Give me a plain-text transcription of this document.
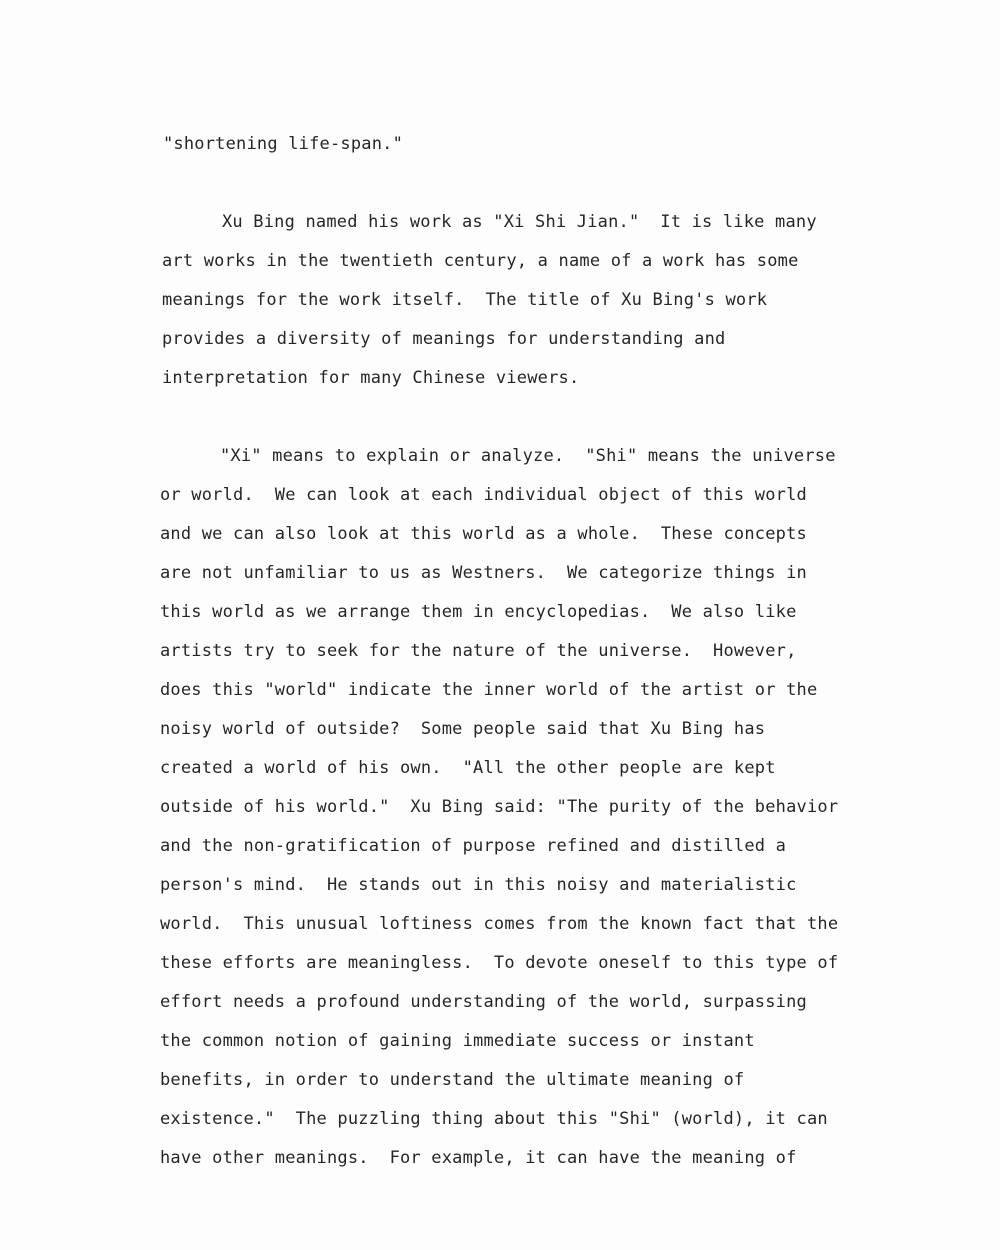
"shortening life-span."
Xu Bing named his work as "Xi Shi Jian."  It is like many
art works in the twentieth century, a name of a work has some
meanings for the work itself.  The title of Xu Bing's work
provides a diversity of meanings for understanding and
interpretation for many Chinese viewers.
"Xi" means to explain or analyze.  "Shi" means the universe
or world.  We can look at each individual object of this world
and we can also look at this world as a whole.  These concepts
are not unfamiliar to us as Westners.  We categorize things in
this world as we arrange them in encyclopedias.  We also like
artists try to seek for the nature of the universe.  However,
does this "world" indicate the inner world of the artist or the
noisy world of outside?  Some people said that Xu Bing has
created a world of his own.  "All the other people are kept
outside of his world."  Xu Bing said: "The purity of the behavior
and the non-gratification of purpose refined and distilled a
person's mind.  He stands out in this noisy and materialistic
world.  This unusual loftiness comes from the known fact that the
these efforts are meaningless.  To devote oneself to this type of
effort needs a profound understanding of the world, surpassing
the common notion of gaining immediate success or instant
benefits, in order to understand the ultimate meaning of
existence."  The puzzling thing about this "Shi" (world), it can
have other meanings.  For example, it can have the meaning of
